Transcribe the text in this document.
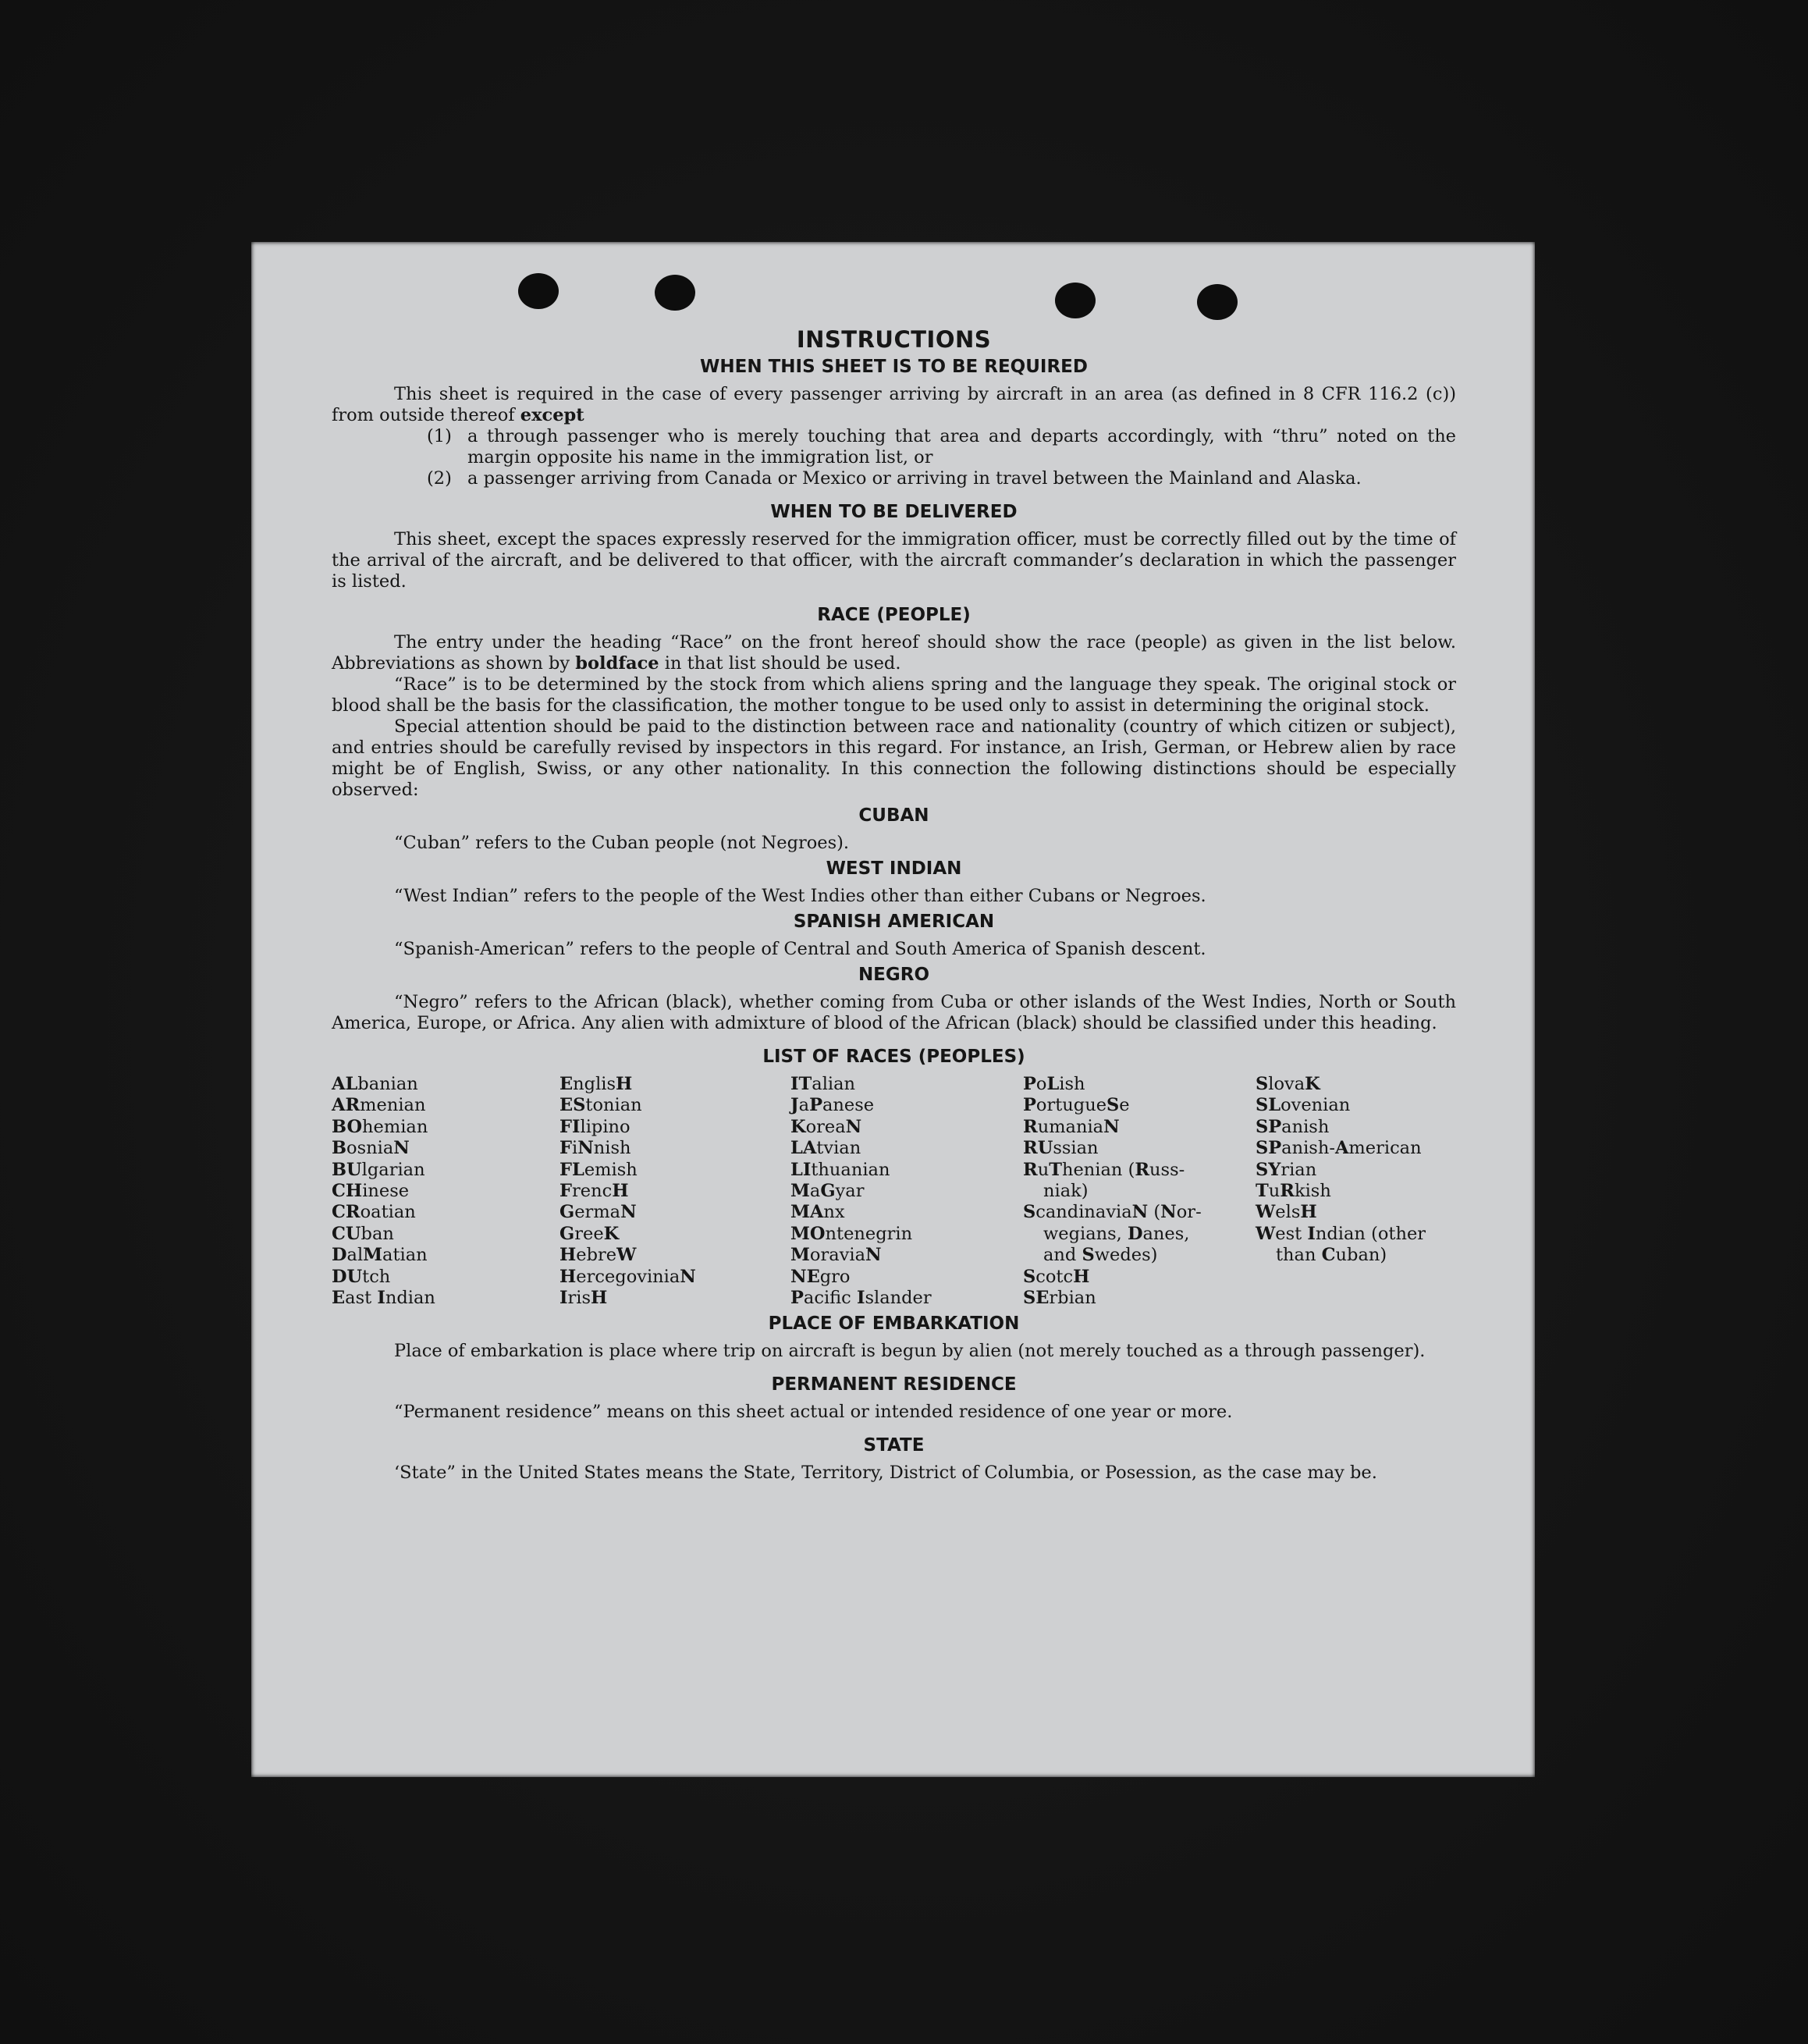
INSTRUCTIONS
WHEN THIS SHEET IS TO BE REQUIRED

This sheet is required in the case of every passenger arriving by aircraft in an area (as defined in 8 CFR 116.2 (c)) from outside thereof except

(1) a through passenger who is merely touching that area and departs accordingly, with “thru” noted on the margin opposite his name in the immigration list, or
(2) a passenger arriving from Canada or Mexico or arriving in travel between the Mainland and Alaska.
WHEN TO BE DELIVERED

This sheet, except the spaces expressly reserved for the immigration officer, must be correctly filled out by the time of the arrival of the aircraft, and be delivered to that officer, with the aircraft commander’s declaration in which the passenger is listed.

RACE (PEOPLE)

The entry under the heading “Race” on the front hereof should show the race (people) as given in the list below. Abbreviations as shown by boldface in that list should be used.

“Race” is to be determined by the stock from which aliens spring and the language they speak. The original stock or blood shall be the basis for the classification, the mother tongue to be used only to assist in determining the original stock.

Special attention should be paid to the distinction between race and nationality (country of which citizen or subject), and entries should be carefully revised by inspectors in this regard. For instance, an Irish, German, or Hebrew alien by race might be of English, Swiss, or any other nationality. In this connection the following distinctions should be especially observed:

CUBAN

“Cuban” refers to the Cuban people (not Negroes).

WEST INDIAN

“West Indian” refers to the people of the West Indies other than either Cubans or Negroes.

SPANISH AMERICAN

“Spanish-American” refers to the people of Central and South America of Spanish descent.

NEGRO

“Negro” refers to the African (black), whether coming from Cuba or other islands of the West Indies, North or South America, Europe, or Africa. Any alien with admixture of blood of the African (black) should be classified under this heading.

LIST OF RACES (PEOPLES)
ALbanian
ARmenian
BOhemian
BosniaN
BUlgarian
CHinese
CRoatian
CUban
DalMatian
DUtch
East Indian
EnglisH
EStonian
FIlipino
FiNnish
FLemish
FrencH
GermaN
GreeK
HebreW
HercegoviniaN
IrisH
ITalian
JaPanese
KoreaN
LAtvian
LIthuanian
MaGyar
MAnx
MOntenegrin
MoraviaN
NEgro
Pacifc Islander
PoLish
PortugueSe
RumaniaN
RUssian
RuThenian (Russ-
niak)
ScandinaviaN (Nor-
wegians, Danes,
and Swedes)
ScotcH
SErbian
SlovaK
SLovenian
SPanish
SPanish-American
SYrian
TuRkish
WelsH
West Indian (other
than Cuban)
PLACE OF EMBARKATION

Place of embarkation is place where trip on aircraft is begun by alien (not merely touched as a through passenger).

PERMANENT RESIDENCE

“Permanent residence” means on this sheet actual or intended residence of one year or more.

STATE

‘State” in the United States means the State, Territory, District of Columbia, or Posession, as the case may be.
